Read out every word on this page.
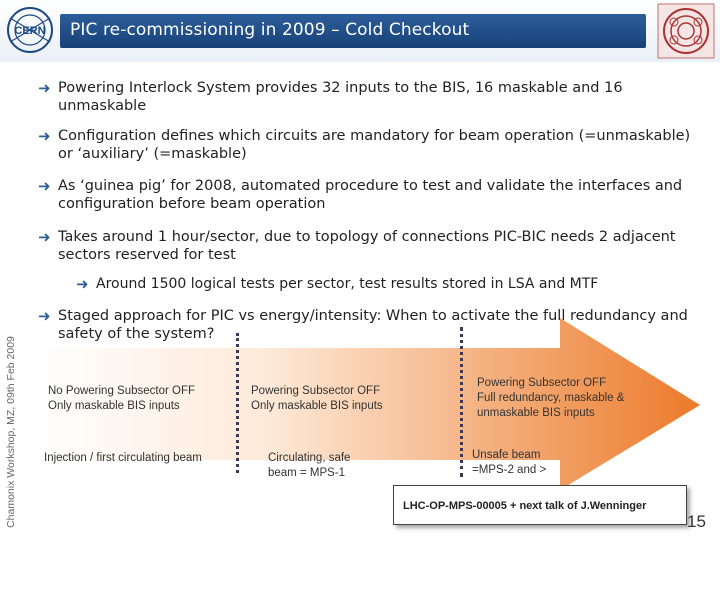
PIC re-commissioning in 2009 – Cold Checkout
CERN
Chamonix Workshop, MZ, 09th Feb 2009
➜ Powering Interlock System provides 32 inputs to the BIS, 16 maskable and 16
unmaskable
➜ Configuration defines which circuits are mandatory for beam operation (=unmaskable)
or ‘auxiliary’ (=maskable)
➜ As ‘guinea pig’ for 2008, automated procedure to test and validate the interfaces and
configuration before beam operation
➜ Takes around 1 hour/sector, due to topology of connections PIC-BIC needs 2 adjacent
sectors reserved for test
➜ Around 1500 logical tests per sector, test results stored in LSA and MTF
➜ Staged approach for PIC vs energy/intensity: When to activate the full redundancy and
safety of the system?
No Powering Subsector OFF
Only maskable BIS inputs
Injection / first circulating beam
Powering Subsector OFF
Only maskable BIS inputs
Circulating, safe
beam = MPS-1
Powering Subsector OFF
Full redundancy, maskable &
unmaskable BIS inputs
Unsafe beam
=MPS-2 and >
LHC-OP-MPS-00005 + next talk of J.Wenninger
15
